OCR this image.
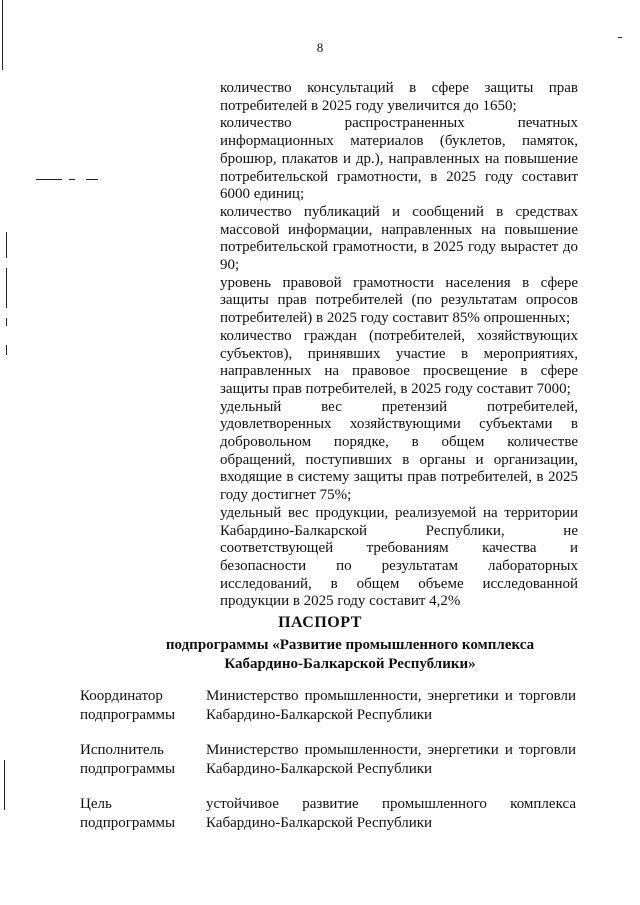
8

количество консультаций в сфере защиты прав потребителей в 2025 году увеличится до 1650;

количество распространенных печатных информационных материалов (буклетов, памяток, брошюр, плакатов и др.), направленных на повышение потребительской грамотности, в 2025 году составит 6000 единиц;

количество публикаций и сообщений в средствах массовой информации, направленных на повышение потребительской грамотности, в 2025 году вырастет до 90;

уровень правовой грамотности населения в сфере защиты прав потребителей (по результатам опросов потребителей) в 2025 году составит 85% опрошенных;

количество граждан (потребителей, хозяйствующих субъектов), принявших участие в мероприятиях, направленных на правовое просвещение в сфере защиты прав потребителей, в 2025 году составит 7000;

удельный вес претензий потребителей, удовлетворенных хозяйствующими субъектами в добровольном порядке, в общем количестве обращений, поступивших в органы и организации, входящие в систему защиты прав потребителей, в 2025 году достигнет 75%;

удельный вес продукции, реализуемой на территории Кабардино-Балкарской Республики, не соответствующей требованиям качества и безопасности по результатам лабораторных исследований, в общем объеме исследованной продукции в 2025 году составит 4,2%

ПАСПОРТ
подпрограммы «Развитие промышленного комплекса
Кабардино-Балкарской Республики»
Координатор
подпрограммы
Министерство промышленности, энергетики и торговли Кабардино-Балкарской Республики
Исполнитель
подпрограммы
Министерство промышленности, энергетики и торговли Кабардино-Балкарской Республики
Цель
подпрограммы
устойчивое развитие промышленного комплекса Кабардино-Балкарской Республики
